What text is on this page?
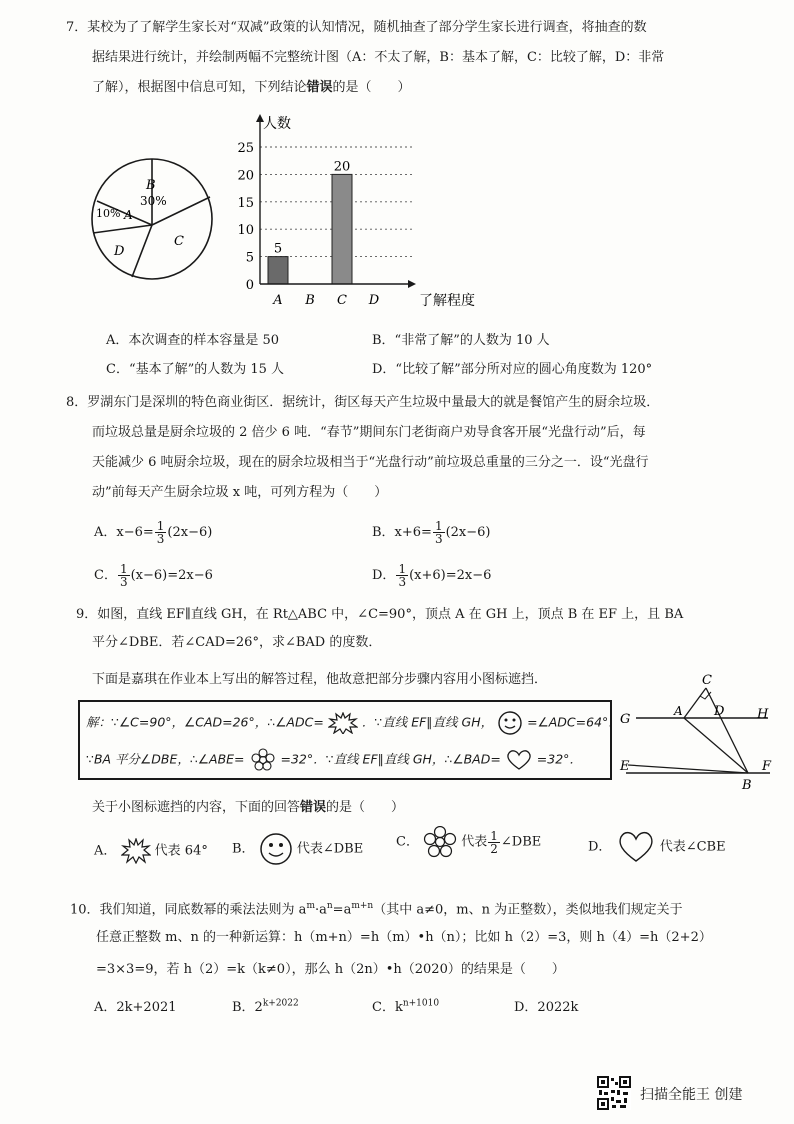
7．某校为了了解学生家长对“双减”政策的认知情况，随机抽查了部分学生家长进行调查，将抽查的数
据结果进行统计，并绘制两幅不完整统计图（A：不太了解，B：基本了解，C：比较了解，D：非常
了解），根据图中信息可知，下列结论错误的是（　　）
B
30%
10% A
D
C
0
5
10
15
20
25
A
5
B C
20
D
人数
了解程度
A．本次调查的样本容量是 50	B．“非常了解”的人数为 10 人
C．“基本了解”的人数为 15 人	D．“比较了解”部分所对应的圆心角度数为 120°
8．罗湖东门是深圳的特色商业街区．据统计，街区每天产生垃圾中量最大的就是餐馆产生的厨余垃圾．
而垃圾总量是厨余垃圾的 2 倍少 6 吨．“春节”期间东门老街商户劝导食客开展“光盘行动”后，每
天能减少 6 吨厨余垃圾，现在的厨余垃圾相当于“光盘行动”前垃圾总重量的三分之一．设“光盘行
动”前每天产生厨余垃圾 x 吨，可列方程为（　　）
A．$x-6= \frac{1}{3} (2x-6)$	B．$x+6= \frac{1}{3} (2x-6)$
C． $\frac{1}{3} (x-6)=2x-6$	D． $\frac{1}{3} (x+6)=2x-6$
9．如图，直线 EF∥直线 GH，在 Rt△ABC 中，∠C=90°，顶点 A 在 GH 上，顶点 B 在 EF 上，且 BA
平分∠DBE．若∠CAD=26°，求∠BAD 的度数．
下面是嘉琪在作业本上写出的解答过程，他故意把部分步骤内容用小图标遮挡．
解：∵∠C=90°，∠CAD=26°，∴∠ADC=	．∵直线 EF∥直线 GH，	=∠ADC=64°．
∵BA 平分∠DBE，∴∠ABE=	=32°．∵直线 EF∥直线 GH，∴∠BAD=	=32°．
C
G
A D	H
E	F
B
关于小图标遮挡的内容，下面的回答错误的是（　　）
A．	代表 64° B．	代表∠DBE	C．	代表 $\frac{1}{2}$ ∠DBE	D．	代表∠CBE
10．我们知道，同底数幂的乘法法则为 $a^m\cdot a^n=a^{m+n}$（其中 a≠0，m、n 为正整数），类似地我们规定关于
任意正整数 m、n 的一种新运算：h（m+n）=h（m）•h（n）；比如 h（2）=3，则 h（4）=h（2+2）
=3×3=9，若 h（2）=k（k≠0），那么 h（2n）•h（2020）的结果是（　　）
A．2k+2021	B．$2^{k+2022}$	C．$k^{n+1010}$	D．2022k
扫描全能王 创建
